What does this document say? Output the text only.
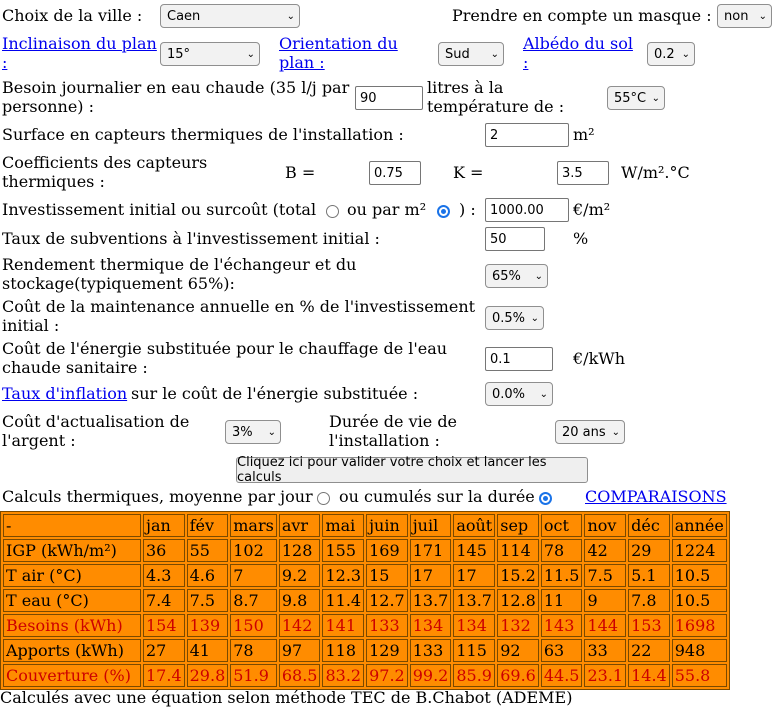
Choix de la ville : Caen	⌄	Prendre en compte un masque : non ⌄
Inclinaison du plan
:	15°	⌄
Orientation du
plan :	Sud ⌄
Albédo du sol
:	0.2 ⌄
Besoin journalier en eau chaude (35 l/j par
personne) :	90
litres à la
température de :	55°C ⌄
Surface en capteurs thermiques de l'installation :	2	m²
Coefficients des capteurs
thermiques :	B =	0.75	K =	3.5	W/m².°C
Investissement initial ou surcoût (total ou par m² ) :	1000.00	€/m²
Taux de subventions à l'investissement initial :	50	%
Rendement thermique de l'échangeur et du
stockage(typiquement 65%):	65% ⌄
Coût de la maintenance annuelle en % de l'investissement
initial :	0.5% ⌄
Coût de l'énergie substituée pour le chauffage de l'eau
chaude sanitaire :	0.1	€/kWh
Taux d'inflation sur le coût de l'énergie substituée :	0.0% ⌄
Coût d'actualisation de
l'argent :	3% ⌄
Durée de vie de
l'installation :	20 ans ⌄
Cliquez ici pour valider votre choix et lancer les calculs
Calculs thermiques, moyenne par jour ou cumulés sur la durée	COMPARAISONS
-	jan	fév	mars	avr	mai	juin	juil	août	sep	oct	nov	déc	année
IGP (kWh/m²)	36	55	102	128	155	169	171	145	114	78	42	29	1224
T air (°C)	4.3	4.6	7	9.2	12.3	15	17	17	15.2	11.5	7.5	5.1	10.5
T eau (°C)	7.4	7.5	8.7	9.8	11.4	12.7	13.7	13.7	12.8	11	9	7.8	10.5
Besoins (kWh)	154	139	150	142	141	133	134	134	132	143	144	153	1698
Apports (kWh)	27	41	78	97	118	129	133	115	92	63	33	22	948
Couverture (%)	17.4	29.8	51.9	68.5	83.2	97.2	99.2	85.9	69.6	44.5	23.1	14.4	55.8
Calculés avec une équation selon méthode TEC de B.Chabot (ADEME)
